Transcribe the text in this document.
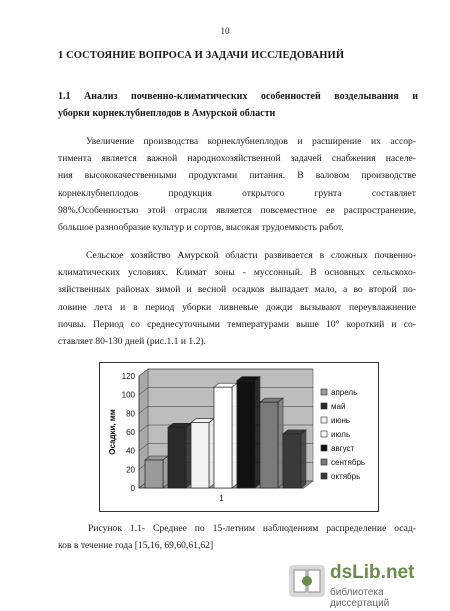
10
1 СОСТОЯНИЕ ВОПРОСА И ЗАДАЧИ ИССЛЕДОВАНИЙ
1.1 Анализ почвенно-климатических особенностей возделывания и
уборки корнеклубнеплодов в Амурской области
Увеличение производства корнеклубнеплодов и расширение их ассор-
тимента является важной народнохозяйственной задачей снабжения населе-
ния высококачественными продуктами питания. В валовом производстве
корнеклубнеплодов продукция открытого грунта составляет
98%.Особенностью этой отрасли является повсеместное ее распространение,
большое разнообразие культур и сортов, высокая трудоемкость работ.
Сельское хозяйство Амурской области развивается в сложных почвенно-
климатических условиях. Климат зоны - муссонный. В основных сельскохо-
зяйственных районах зимой и весной осадков выпадает мало, а во второй по-
ловине лета и в период уборки ливневые дожди вызывают переувлажнение
почвы. Период со среднесуточными температурами выше 10° короткий и со-
ставляет 80-130 дней (рис.1.1 и 1.2).
0
20
40
60
80
100
120
Осадки, мм
1
апрель
май
июнь
июль
август
сентябрь
октябрь
Рисунок 1.1- Среднее по 15-летним наблюдениям распределение осад-
ков в течение года [15,16, 69,60,61,62]
dsLib.net
библиотека диссертаций
